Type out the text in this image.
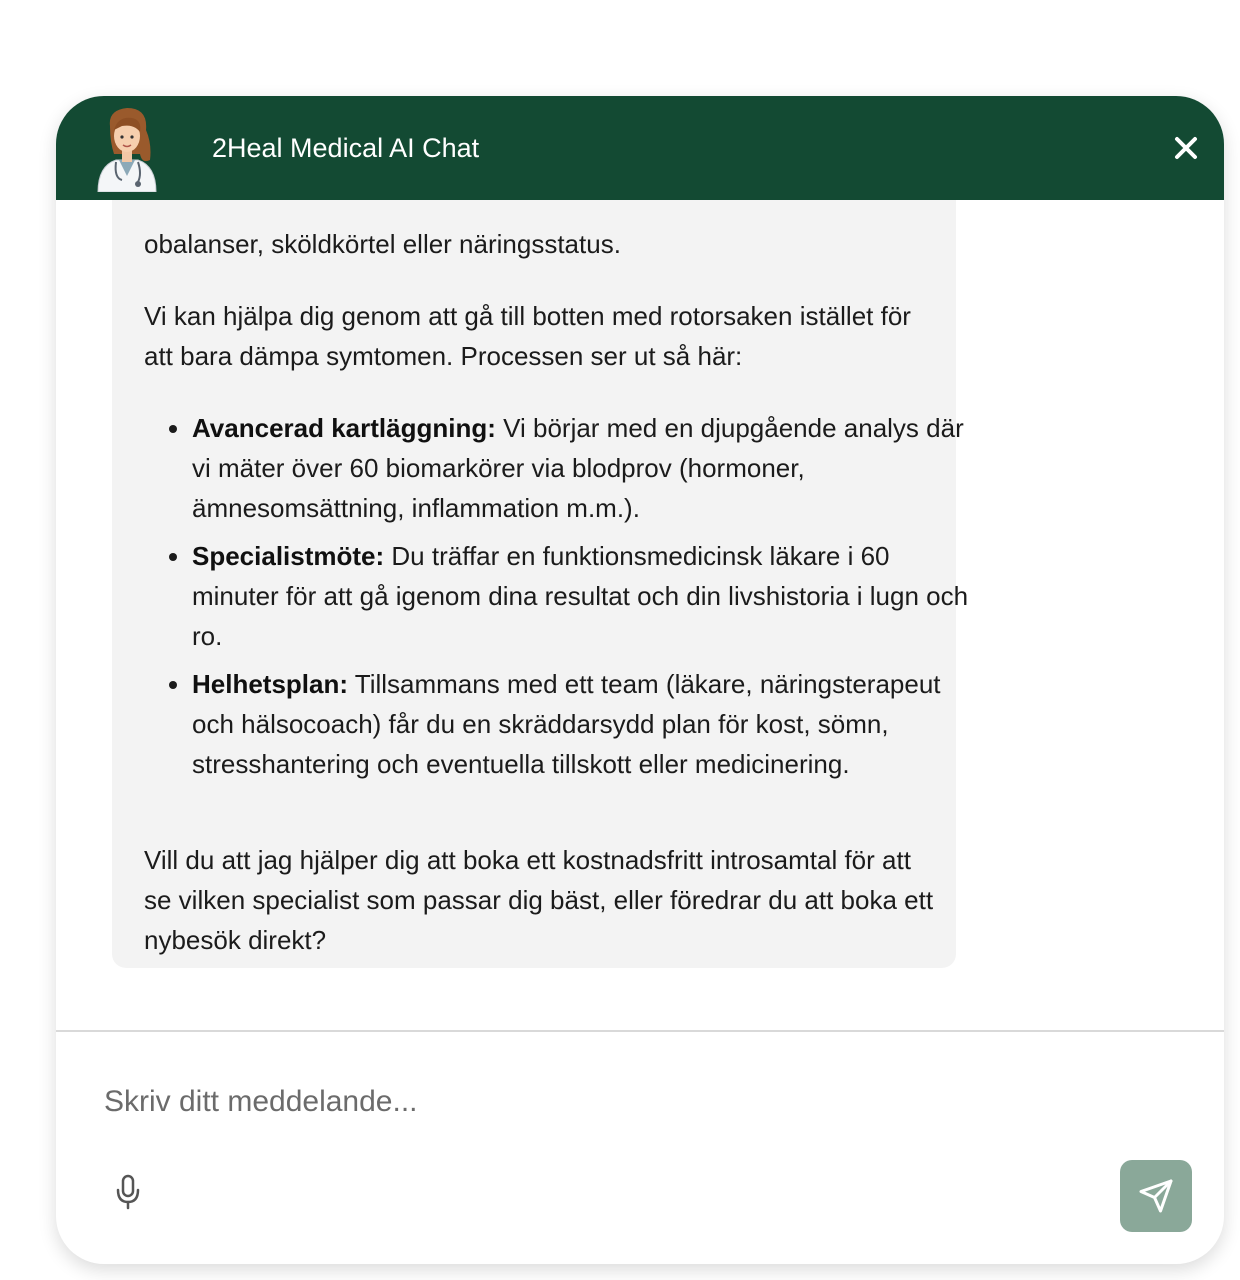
obalanser, sköldkörtel eller näringsstatus.

Vi kan hjälpa dig genom att gå till botten med rotorsaken istället för att bara dämpa symtomen. Processen ser ut så här:

• Avancerad kartläggning: Vi börjar med en djupgående analys där vi mäter över 60 biomarkörer via blodprov (hormoner, ämnesomsättning, inflammation m.m.).
• Specialistmöte: Du träffar en funktionsmedicinsk läkare i 60 minuter för att gå igenom dina resultat och din livshistoria i lugn och ro.
• Helhetsplan: Tillsammans med ett team (läkare, näringsterapeut och hälsocoach) får du en skräddarsydd plan för kost, sömn, stresshantering och eventuella tillskott eller medicinering.

Vill du att jag hjälper dig att boka ett kostnadsfritt introsamtal för att se vilken specialist som passar dig bäst, eller föredrar du att boka ett nybesök direkt?

2Heal Medical AI Chat
Skriv ditt meddelande...
